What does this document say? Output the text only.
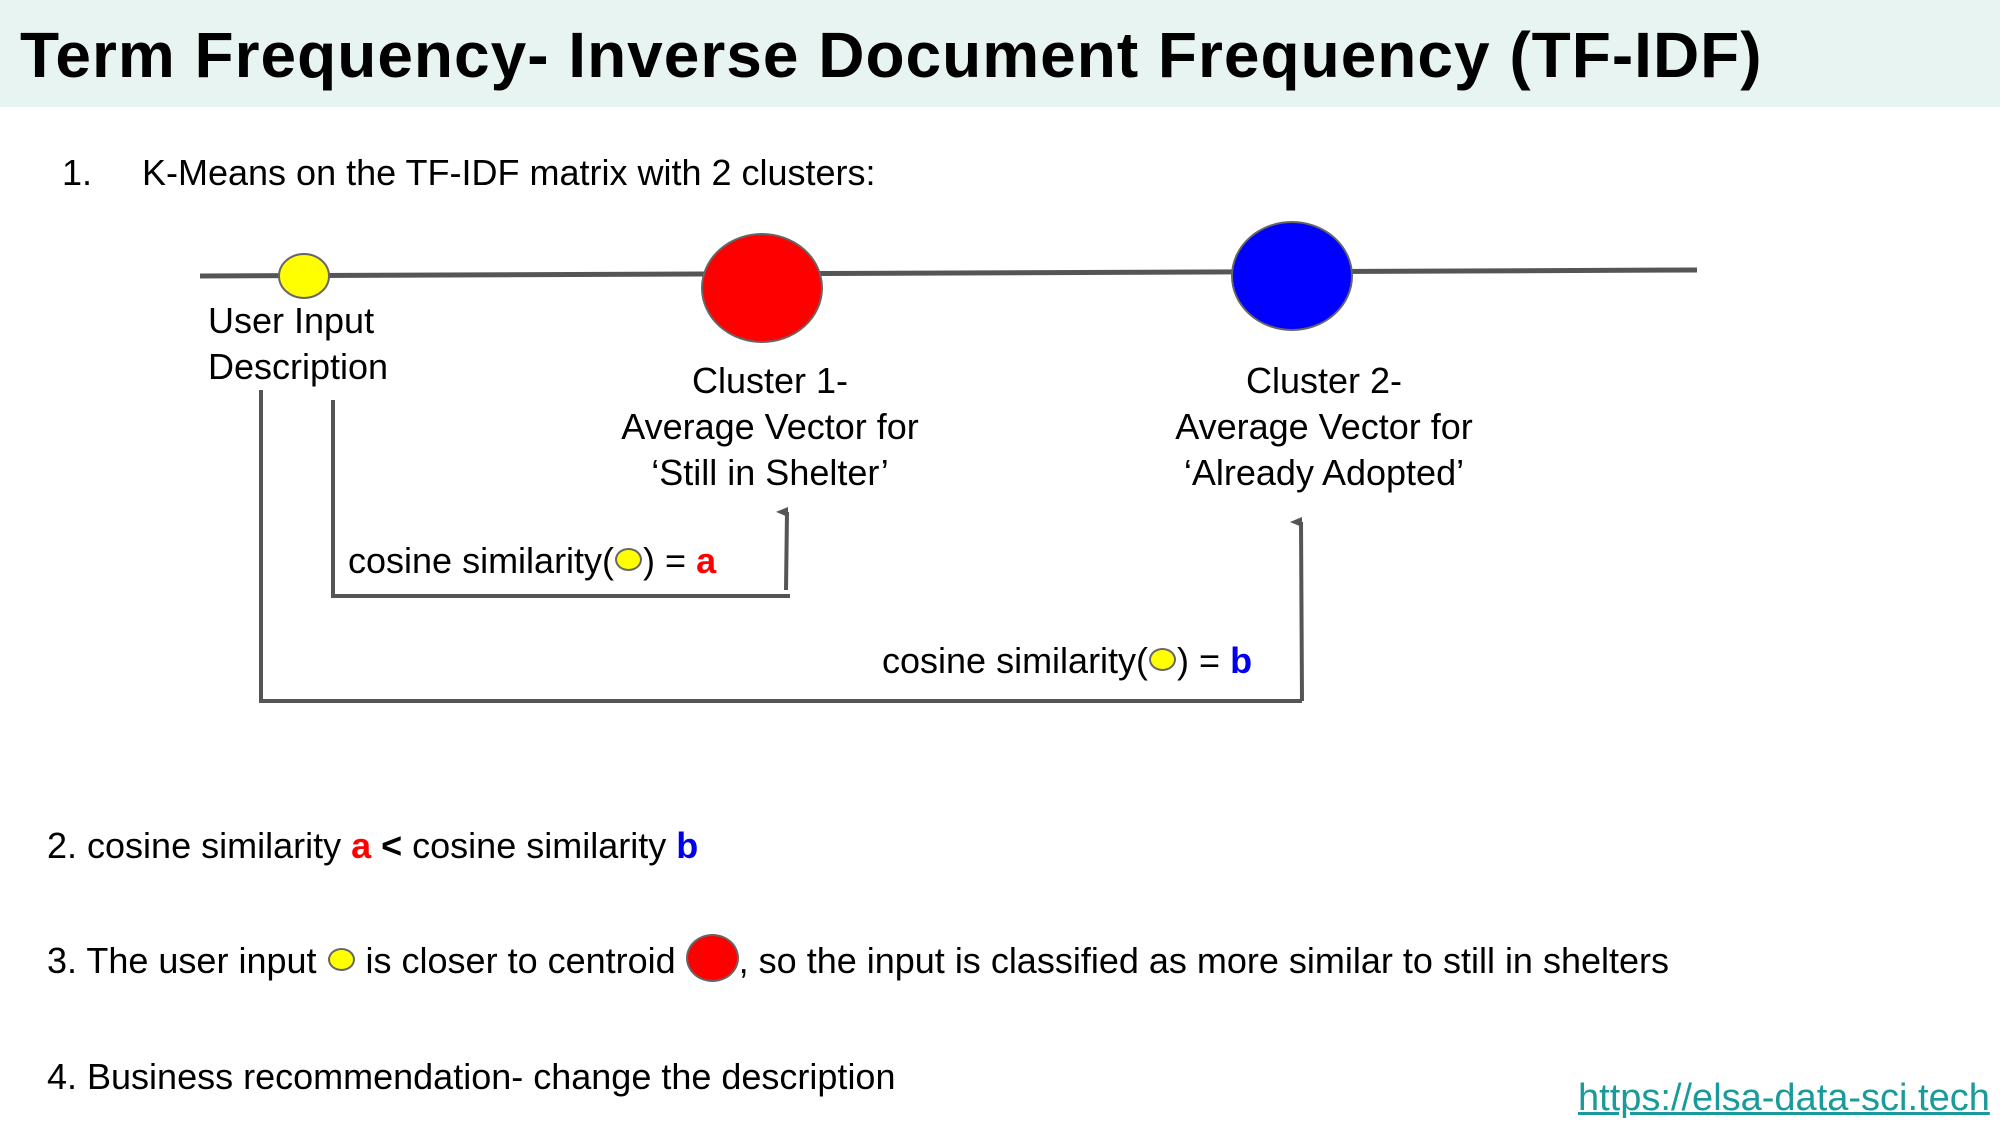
Term Frequency- Inverse Document Frequency (TF-IDF)
1. K-Means on the TF-IDF matrix with 2 clusters:
User Input
Description	Cluster 1-
Average Vector for
‘Still in Shelter’
Cluster 2-
Average Vector for
‘Already Adopted’
cosine similarity( ) = a
cosine similarity( ) = b
2. cosine similarity a < cosine similarity b
3. The user input  is closer to centroid , so the input is classified as more similar to still in shelters
4. Business recommendation- change the description
https://elsa-data-sci.tech
